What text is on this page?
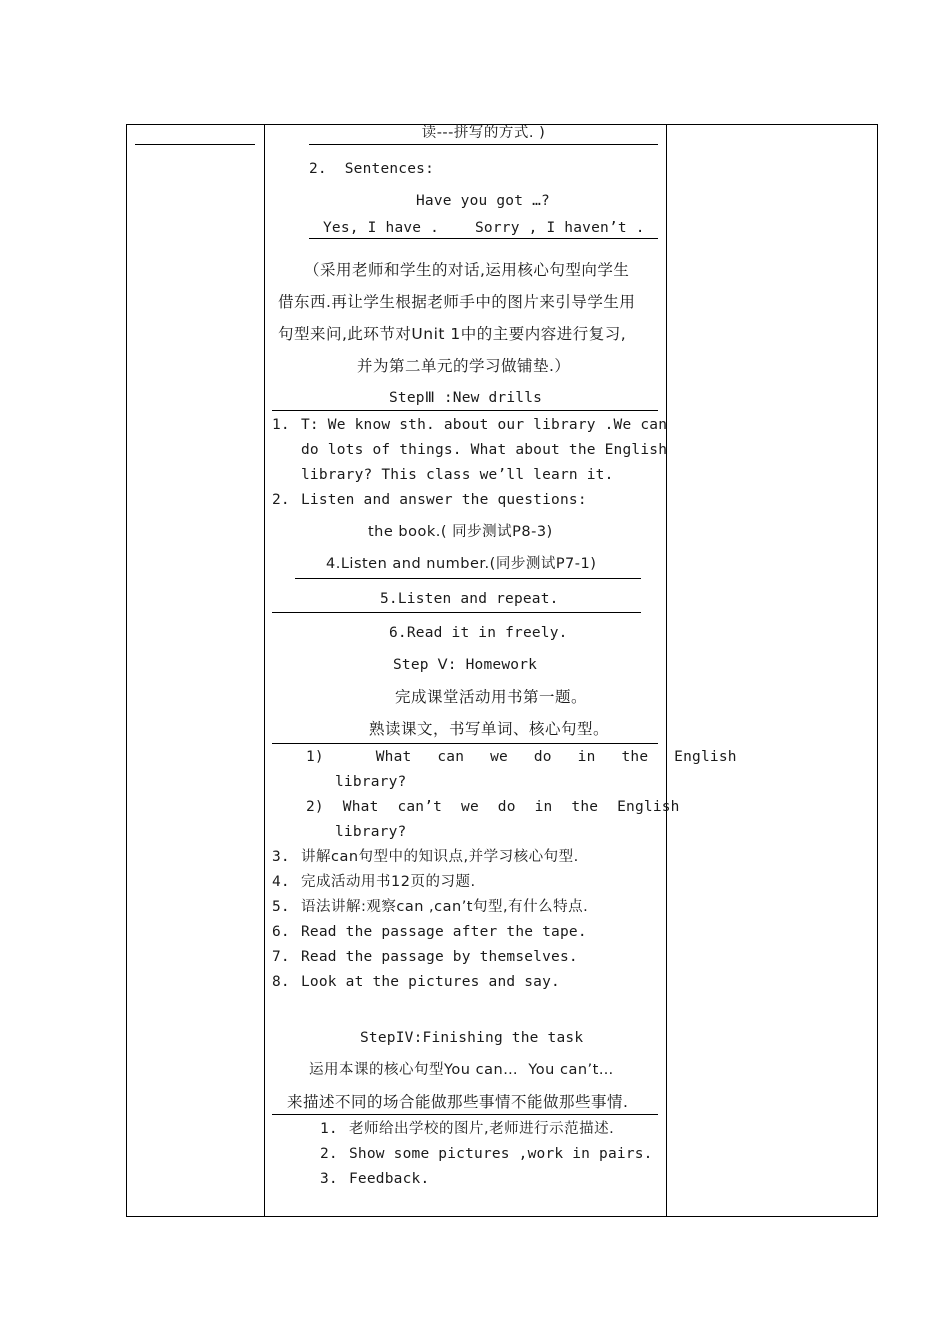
读---拼写的方式. )
2.  Sentences:
Have you got …?
Yes, I have . Sorry , I haven’t .
（采用老师和学生的对话,运用核心句型向学生
借东西.再让学生根据老师手中的图片来引导学生用
句型来问,此环节对Unit 1中的主要内容进行复习,
并为第二单元的学习做铺垫.）
StepⅢ :New drills
1. T: We know sth. about our library .We can
do lots of things. What about the English
library? This class we’ll learn it.
2. Listen and answer the questions:
the book.( 同步测试P8-3)
4.Listen and number.(同步测试P7-1)
5.Listen and repeat.
6.Read it in freely.
Step Ⅴ: Homework
完成课堂活动用书第一题。
熟读课文，书写单词、核心句型。
1)  What can we do in the English
library?
2) What can’t we do in the English
library?
3. 讲解can句型中的知识点,并学习核心句型.
4. 完成活动用书12页的习题.
5. 语法讲解:观察can ,can’t句型,有什么特点.
6. Read the passage after the tape.
7. Read the passage by themselves.
8. Look at the pictures and say.
StepIV:Finishing the task
运用本课的核心句型You can…  You can’t…
来描述不同的场合能做那些事情不能做那些事情.
1. 老师给出学校的图片,老师进行示范描述.
2. Show some pictures ,work in pairs.
3. Feedback.
